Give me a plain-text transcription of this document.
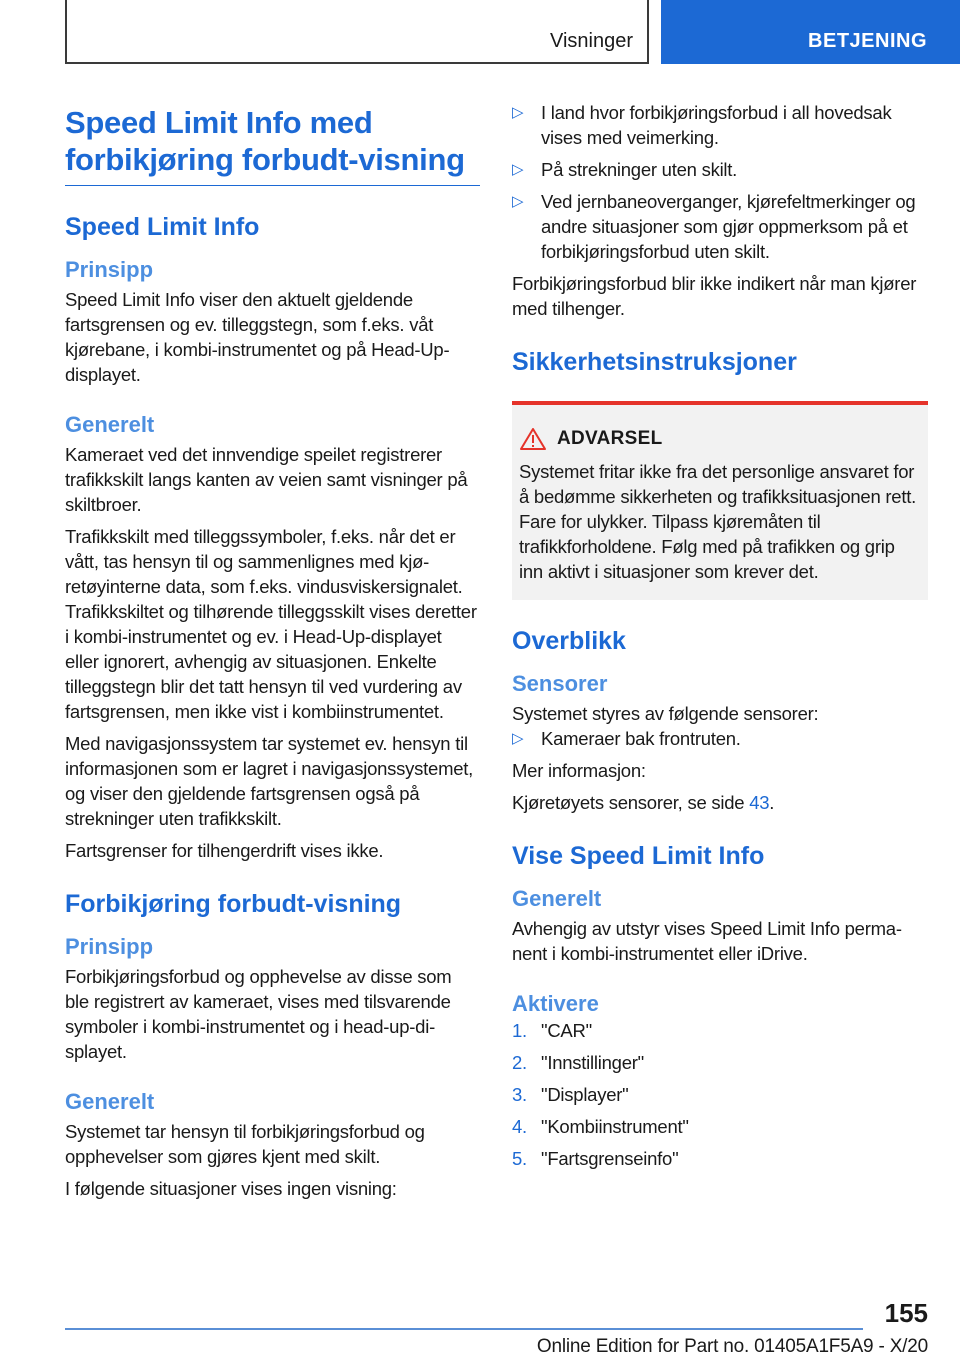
Visninger	BETJENING
Speed Limit Info med forbikjøring forbudt-visning
Speed Limit Info
Prinsipp

Speed Limit Info viser den aktuelt gjeldende fartsgrensen og ev. tilleggstegn, som f.eks. våt kjørebane, i kombi-instrumentet og på Head-Up-displayet.

Generelt

Kameraet ved det innvendige speilet registrerer trafikkskilt langs kanten av veien samt visninger på skiltbroer.

Trafikkskilt med tilleggssymboler, f.eks. når det er vått, tas hensyn til og sammenlignes med kjøretøyinterne data, som f.eks. vindusviskersignalet. Trafikkskiltet og tilhørende tilleggsskilt vises deretter i kombi-instrumentet og ev. i Head-Up-displayet eller ignorert, avhengig av situasjonen. Enkelte tilleggstegn blir det tatt hensyn til ved vurdering av fartsgrensen, men ikke vist i kombiinstrumentet.

Med navigasjonssystem tar systemet ev. hensyn til informasjonen som er lagret i navigasjonssystemet, og viser den gjeldende fartsgrensen også på strekninger uten trafikkskilt.

Fartsgrenser for tilhengerdrift vises ikke.

Forbikjøring forbudt-visning
Prinsipp

Forbikjøringsforbud og opphevelse av disse som ble registrert av kameraet, vises med tilsvarende symboler i kombi-instrumentet og i head-up-displayet.

Generelt

Systemet tar hensyn til forbikjøringsforbud og opphevelser som gjøres kjent med skilt.

I følgende situasjoner vises ingen visning:

▷ I land hvor forbikjøringsforbud i all hovedsak vises med veimerking.
▷ På strekninger uten skilt.
▷ Ved jernbaneoverganger, kjørefeltmerkinger og andre situasjoner som gjør oppmerksom på et forbikjøringsforbud uten skilt.

Forbikjøringsforbud blir ikke indikert når man kjører med tilhenger.

Sikkerhetsinstruksjoner
ADVARSEL

Systemet fritar ikke fra det personlige ansvaret for å bedømme sikkerheten og trafikksituasjonen rett. Fare for ulykker. Tilpass kjøremåten til trafikkforholdene. Følg med på trafikken og grip inn aktivt i situasjoner som krever det.

Overblikk
Sensorer

Systemet styres av følgende sensorer:

▷ Kameraer bak frontruten.

Mer informasjon:

Kjøretøyets sensorer, se side 43.

Vise Speed Limit Info
Generelt

Avhengig av utstyr vises Speed Limit Info permanent i kombi-instrumentet eller iDrive.

Aktivere
1. "CAR"
2. "Innstillinger"
3. "Displayer"
4. "Kombiinstrument"
5. "Fartsgrenseinfo"
155
Online Edition for Part no. 01405A1F5A9 - X/20
